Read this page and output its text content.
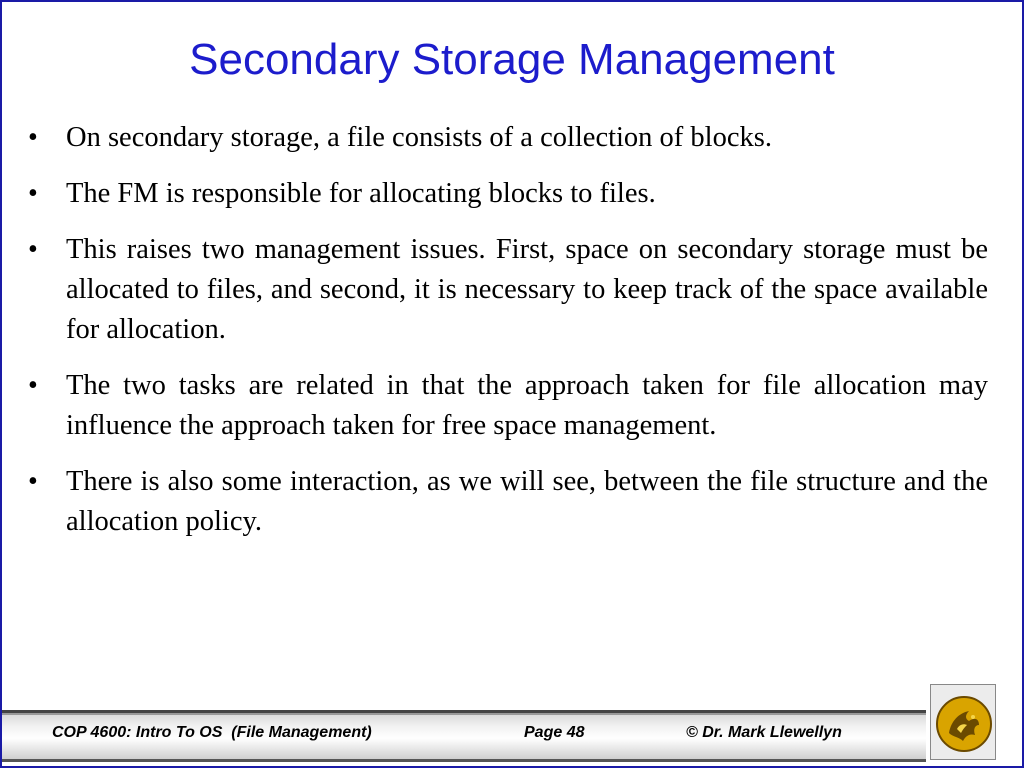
Secondary Storage Management
• On secondary storage, a file consists of a collection of blocks.
• The FM is responsible for allocating blocks to files.
• This raises two management issues. First, space on secondary storage must be allocated to files, and second, it is necessary to keep track of the space available for allocation.
• The two tasks are related in that the approach taken for file allocation may influence the approach taken for free space management.
• There is also some interaction, as we will see, between the file structure and the allocation policy.
COP 4600: Intro To OS  (File Management)	Page 48	© Dr. Mark Llewellyn
